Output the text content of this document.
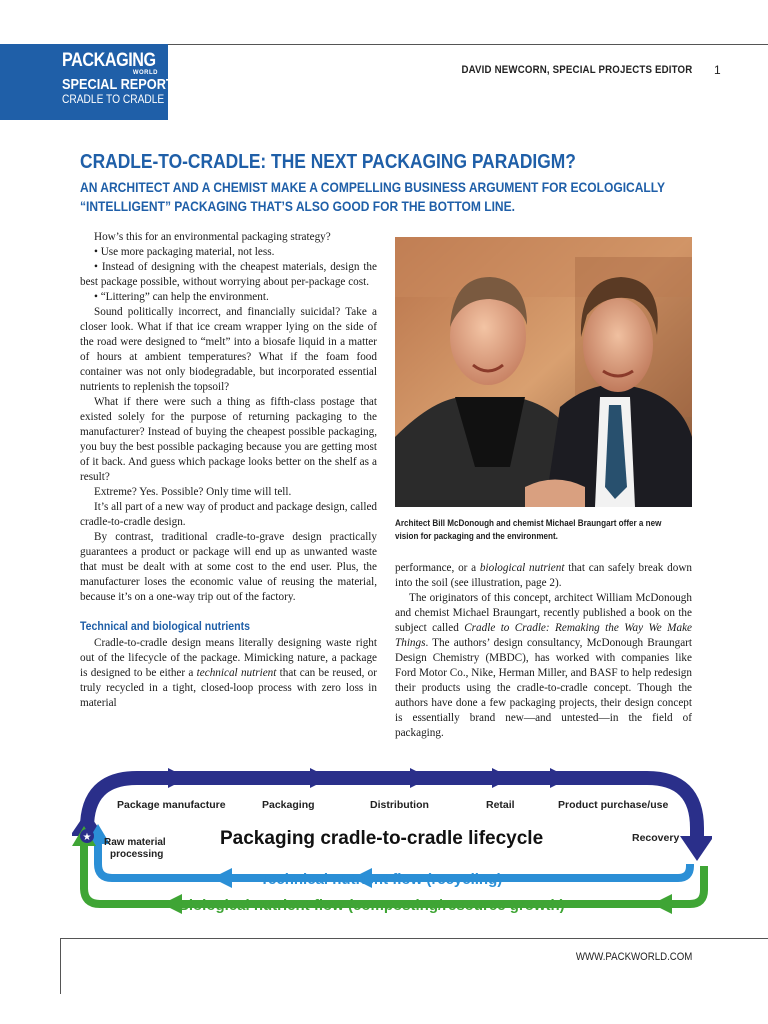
PACKAGING
WORLD
SPECIAL REPORT
CRADLE TO CRADLE
DAVID NEWCORN, SPECIAL PROJECTS EDITOR 1
CRADLE-TO-CRADLE: THE NEXT PACKAGING PARADIGM?
AN ARCHITECT AND A CHEMIST MAKE A COMPELLING BUSINESS ARGUMENT FOR ECOLOGICALLY “INTELLIGENT” PACKAGING THAT’S ALSO GOOD FOR THE BOTTOM LINE.

How’s this for an environmental packaging strategy?

• Use more packaging material, not less.

• Instead of designing with the cheapest materials, design the best package possible, without worrying about per-package cost.

• “Littering” can help the environment.

Sound politically incorrect, and financially suicidal? Take a closer look. What if that ice cream wrapper lying on the side of the road were designed to “melt” into a biosafe liquid in a matter of hours at ambient temperatures? What if the foam food container was not only biodegradable, but incorporated essential nutrients to replenish the topsoil?

What if there were such a thing as fifth-class postage that existed solely for the purpose of returning packaging to the manufacturer? Instead of buying the cheapest possible packaging, you buy the best possible packaging because you are getting most of it back. And guess which package looks better on the shelf as a result?

Extreme? Yes. Possible? Only time will tell.

It’s all part of a new way of product and package design, called cradle-to-cradle design.

By contrast, traditional cradle-to-grave design practically guarantees a product or package will end up as unwanted waste that must be dealt with at some cost to the end user. Plus, the manufacturer loses the economic value of reusing the material, because it’s on a one-way trip out of the factory.

Technical and biological nutrients

Cradle-to-cradle design means literally designing waste right out of the lifecycle of the package. Mimicking nature, a package is designed to be either a technical nutrient that can be reused, or truly recycled in a tight, closed-loop process with zero loss in material

Architect Bill McDonough and chemist Michael Braungart offer a new vision for packaging and the environment.

performance, or a biological nutrient that can safely break down into the soil (see illustration, page 2).

The originators of this concept, architect William McDonough and chemist Michael Braungart, recently published a book on the subject called Cradle to Cradle: Remaking the Way We Make Things. The authors’ design consultancy, McDonough Braungart Design Chemistry (MBDC), has worked with companies like Ford Motor Co., Nike, Herman Miller, and BASF to help redesign their products using the cradle-to-cradle concept. Though the authors have done a few packaging projects, their design concept is essentially brand new—and untested—in the field of packaging.

★
Package manufacture	Packaging	Distribution	Retail	Product purchase/use
Raw material processing
Recovery
Packaging cradle-to-cradle lifecycle
Technical nutrient flow (recycling)
Biological nutrient flow (composting/resource growth)
WWW.PACKWORLD.COM
